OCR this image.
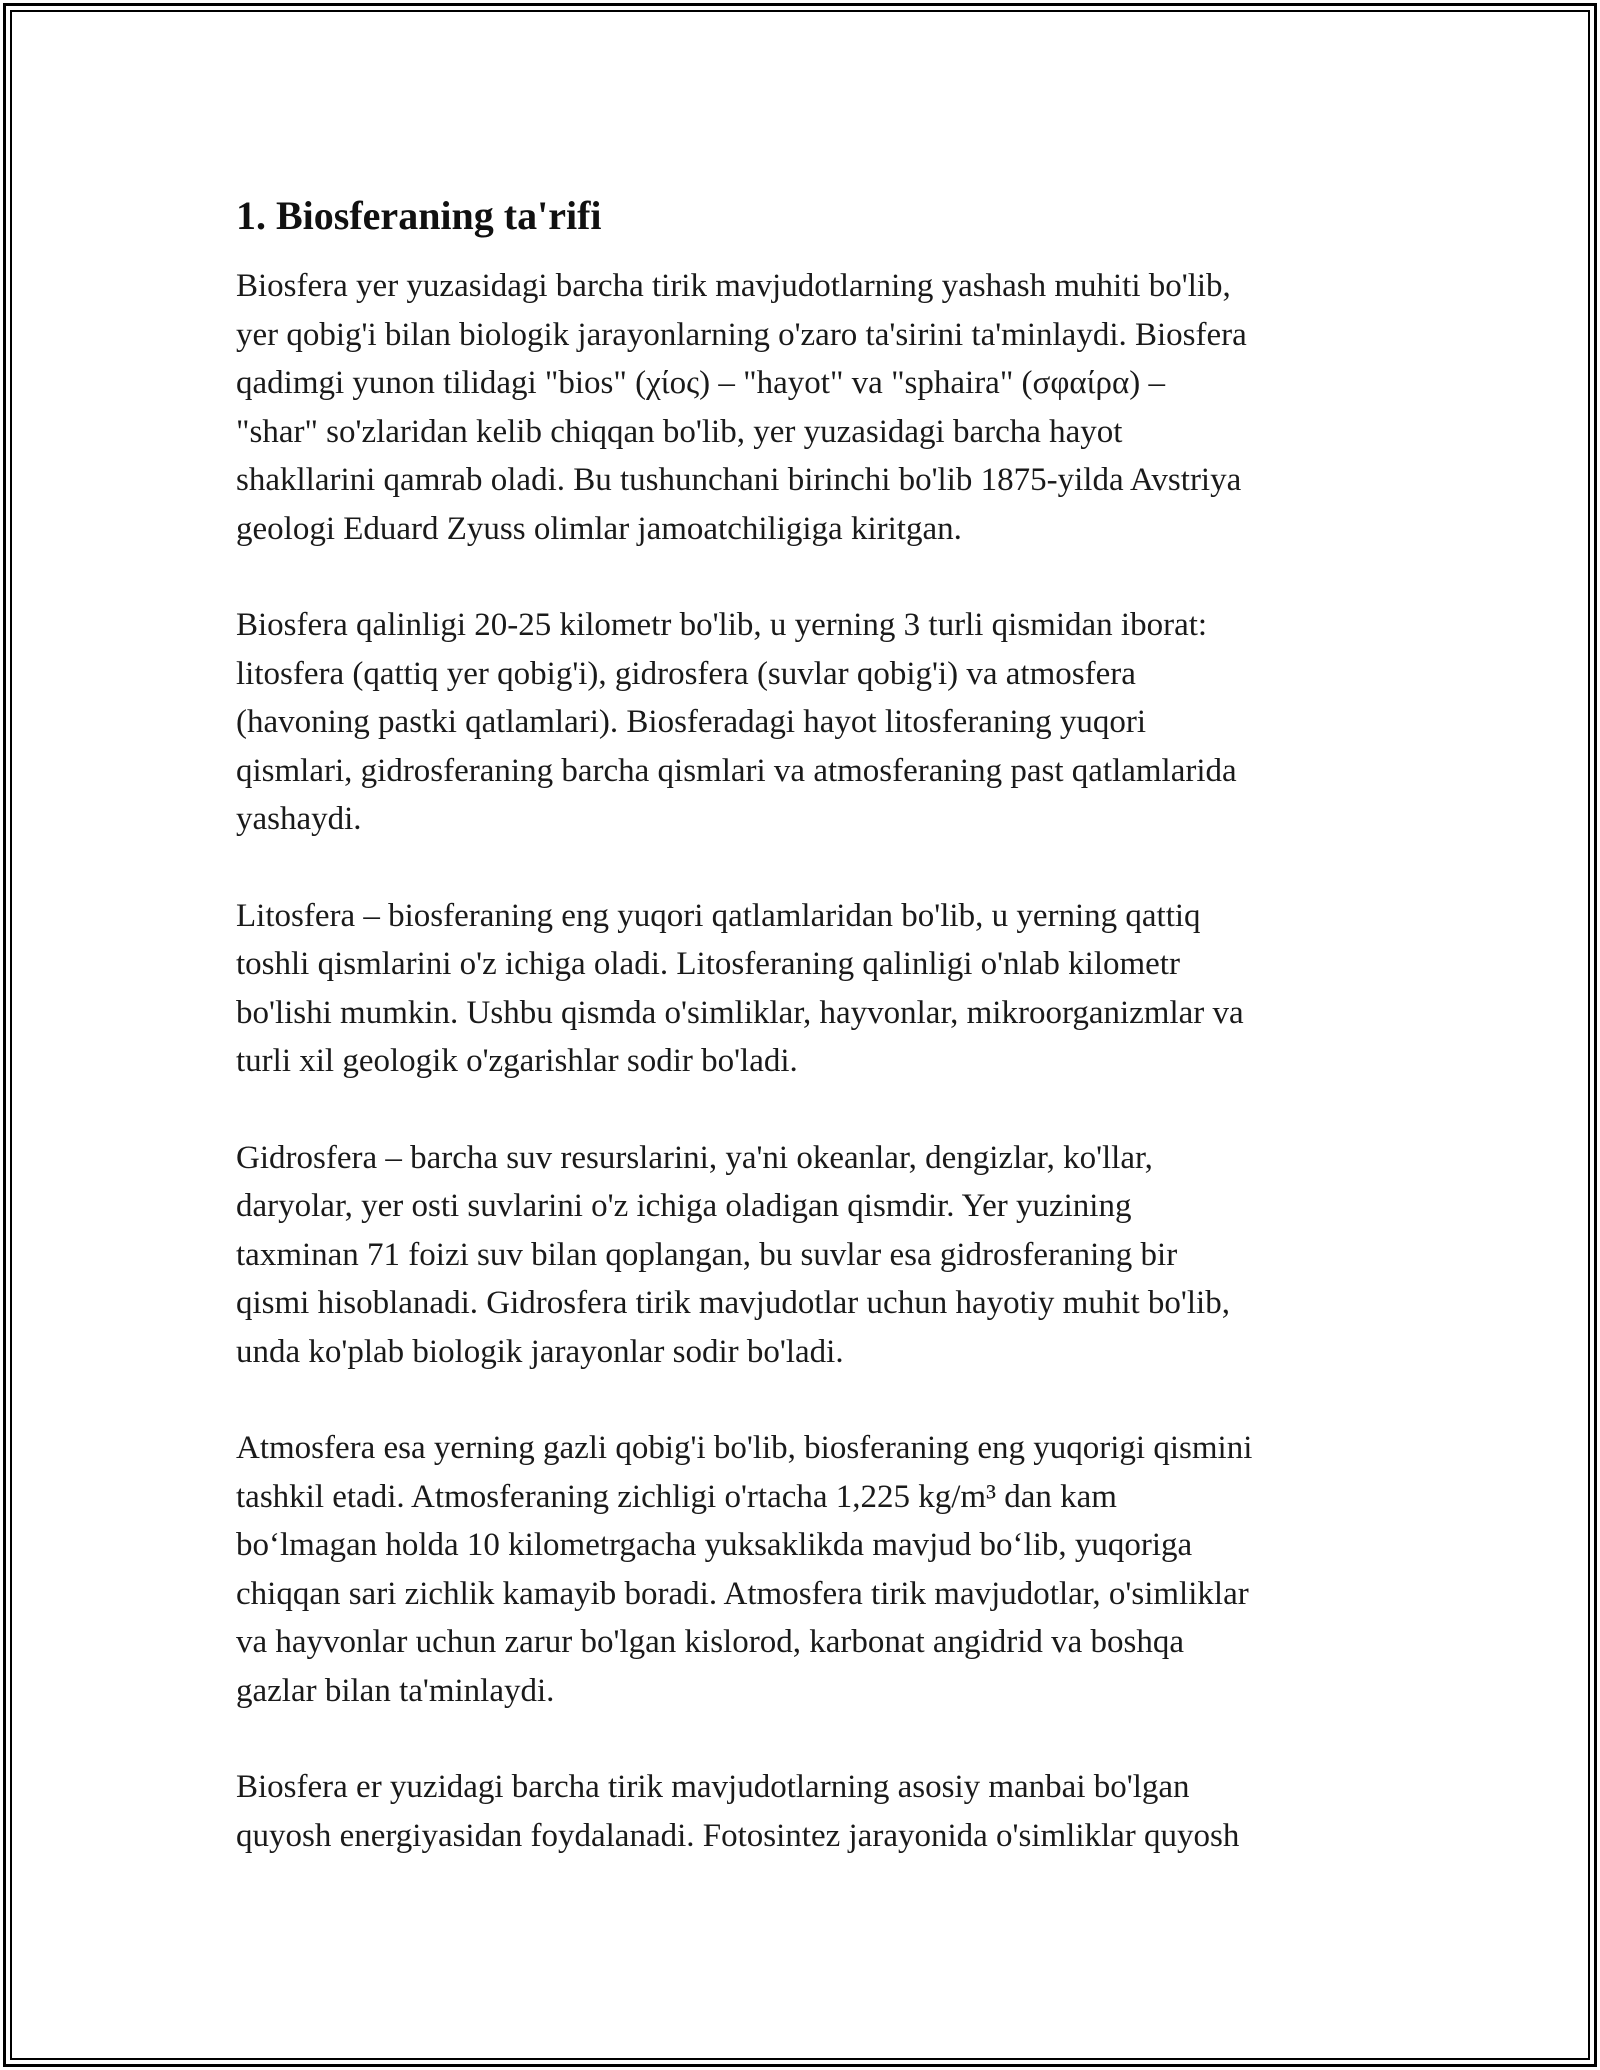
1. Biosferaning ta'rifi

Biosfera yer yuzasidagi barcha tirik mavjudotlarning yashash muhiti bo'lib,
yer qobig'i bilan biologik jarayonlarning o'zaro ta'sirini ta'minlaydi. Biosfera
qadimgi yunon tilidagi "bios" (χίος) – "hayot" va "sphaira" (σφαίρα) –
"shar" so'zlaridan kelib chiqqan bo'lib, yer yuzasidagi barcha hayot
shakllarini qamrab oladi. Bu tushunchani birinchi bo'lib 1875-yilda Avstriya
geologi Eduard Zyuss olimlar jamoatchiligiga kiritgan.

Biosfera qalinligi 20-25 kilometr bo'lib, u yerning 3 turli qismidan iborat:
litosfera (qattiq yer qobig'i), gidrosfera (suvlar qobig'i) va atmosfera
(havoning pastki qatlamlari). Biosferadagi hayot litosferaning yuqori
qismlari, gidrosferaning barcha qismlari va atmosferaning past qatlamlarida
yashaydi.

Litosfera – biosferaning eng yuqori qatlamlaridan bo'lib, u yerning qattiq
toshli qismlarini o'z ichiga oladi. Litosferaning qalinligi o'nlab kilometr
bo'lishi mumkin. Ushbu qismda o'simliklar, hayvonlar, mikroorganizmlar va
turli xil geologik o'zgarishlar sodir bo'ladi.

Gidrosfera – barcha suv resurslarini, ya'ni okeanlar, dengizlar, ko'llar,
daryolar, yer osti suvlarini o'z ichiga oladigan qismdir. Yer yuzining
taxminan 71 foizi suv bilan qoplangan, bu suvlar esa gidrosferaning bir
qismi hisoblanadi. Gidrosfera tirik mavjudotlar uchun hayotiy muhit bo'lib,
unda ko'plab biologik jarayonlar sodir bo'ladi.

Atmosfera esa yerning gazli qobig'i bo'lib, biosferaning eng yuqorigi qismini
tashkil etadi. Atmosferaning zichligi o'rtacha 1,225 kg/m³ dan kam
bo‘lmagan holda 10 kilometrgacha yuksaklikda mavjud bo‘lib, yuqoriga
chiqqan sari zichlik kamayib boradi. Atmosfera tirik mavjudotlar, o'simliklar
va hayvonlar uchun zarur bo'lgan kislorod, karbonat angidrid va boshqa
gazlar bilan ta'minlaydi.

Biosfera er yuzidagi barcha tirik mavjudotlarning asosiy manbai bo'lgan
quyosh energiyasidan foydalanadi. Fotosintez jarayonida o'simliklar quyosh
